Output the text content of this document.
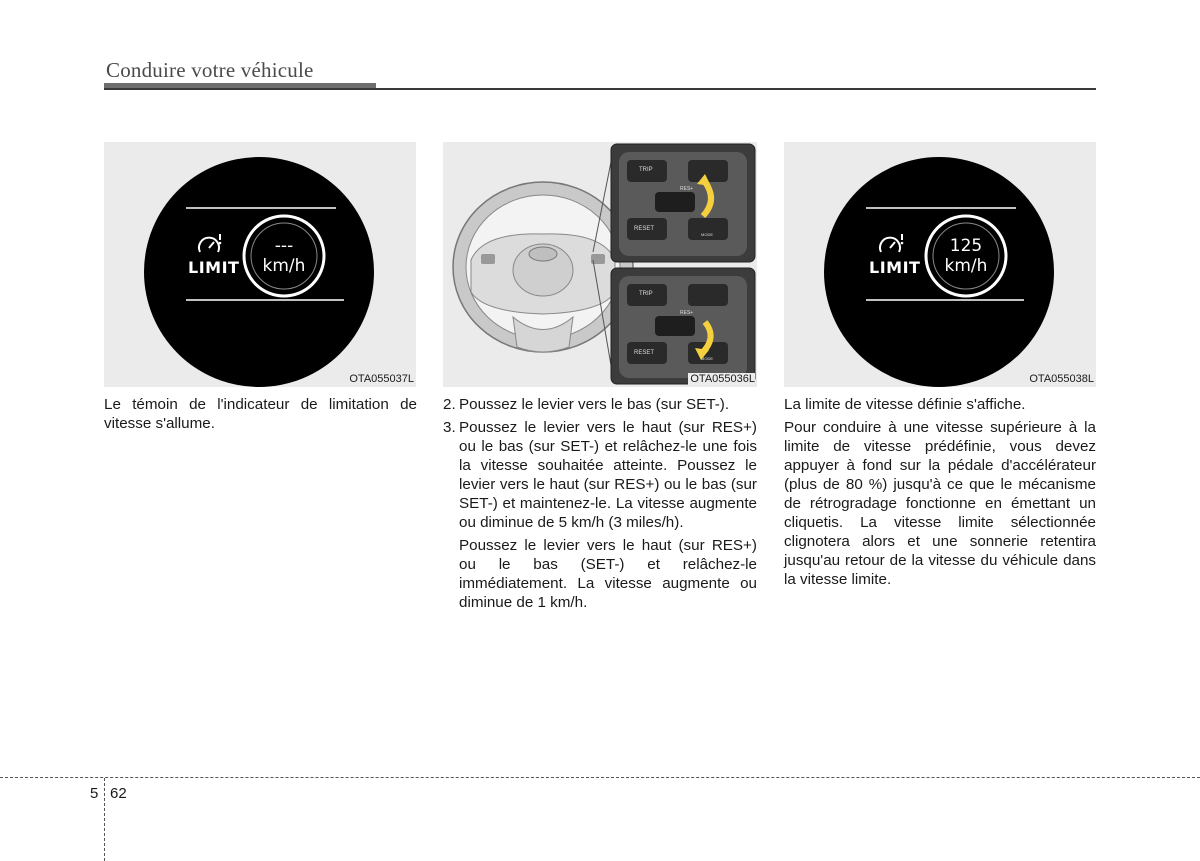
Conduire votre véhicule
LIMIT
---
km/h
OTA055037L
TRIP
RESET
RES+
MODE
TRIP
RESET
RES+
MODE
OTA055036L
LIMIT
125
km/h
OTA055038L

Le témoin de l'indicateur de limitation de vitesse s'allume.

2. Poussez le levier vers le bas (sur SET-).
3. Poussez le levier vers le haut (sur RES+) ou le bas (sur SET-) et relâchez-le une fois la vitesse souhaitée atteinte. Poussez le levier vers le haut (sur RES+) ou le bas (sur SET-) et maintenez-le. La vitesse augmente ou diminue de 5 km/h (3 miles/h).

Poussez le levier vers le haut (sur RES+) ou le bas (SET-) et relâchez-le immédiatement. La vitesse augmente ou diminue de 1 km/h.

La limite de vitesse définie s'affiche.

Pour conduire à une vitesse supérieure à la limite de vitesse prédéfinie, vous devez appuyer à fond sur la pédale d'accélérateur (plus de 80 %) jusqu'à ce que le mécanisme de rétrogradage fonctionne en émettant un cliquetis. La vitesse limite sélectionnée clignotera alors et une sonnerie retentira jusqu'au retour de la vitesse du véhicule dans la vitesse limite.

5 62
